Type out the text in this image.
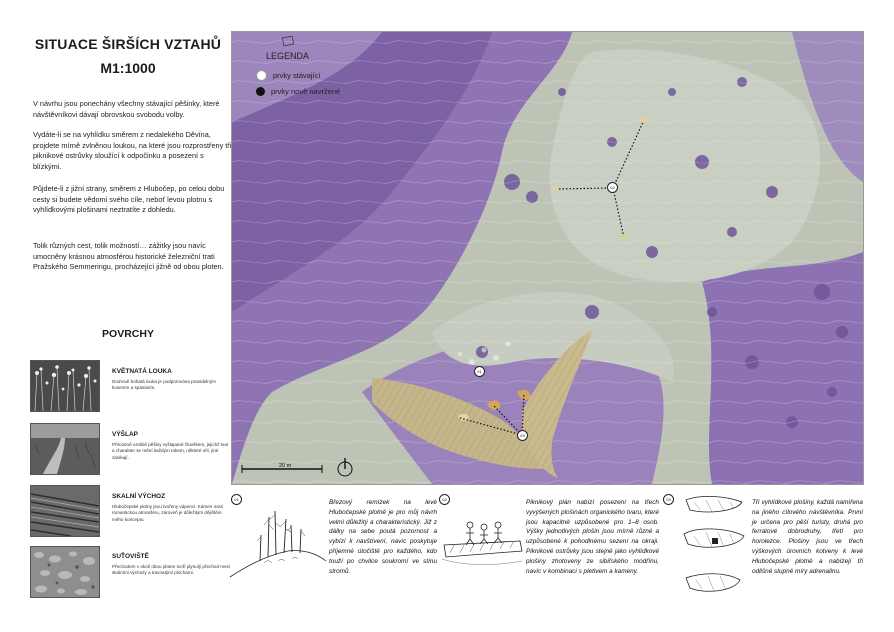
SITUACE ŠIRŠÍCH VZTAHŮ
M1:1000
V návrhu jsou ponechány všechny stávající pěšinky, které návštěvníkovi dávají obrovskou svobodu volby.
Vydáte-li se na vyhlídku směrem z nedalekého Děvína, projdete mírně zvlněnou loukou, na které jsou rozprostřeny tři piknikové ostrůvky sloužící k odpočinku a posezení s blízkými.
Půjdete-li z jižní strany, směrem z Hlubočep, po celou dobu cesty si budete vědomi svého cíle, neboť levou plotnu s vyhlídkovými plošinami neztratíte z dohledu.
Tolik různých cest, tolik možností… zážitky jsou navíc umocněny krásnou atmosférou historické železniční trati Pražského Semmeringu, procházející jižně od obou ploten.
POVRCHY
KVĚTNATÁ LOUKA
Druhově bohatá louka je podporována pravidelným kosením a spásáním.
VÝŠLAP
Přirozeně vzniklé pěšiny vyšlapané člověkem, jejichž tvar a charakter se mění každým rokem, některé sílí, jiné zanikají.
SKALNÍ VÝCHOZ
Hlubočepské plotny jsou tvořeny vápenci. Kámen mezi romantickou atmosféru, zároveň je důležitým dějištěm mého konceptu.
SUŤOVIŠTĚ
Přechodem v okolí obou ploten tvoří plynulý přechod mezi skalními výchozy a travnatými plochami.
LEGENDA
prvky stávající
prvky nově navržené
20 m
01
02
03
01	Březový remízek na levé Hlubočepské plotně je pro můj návrh velmi důležitý a charakteristický. Již z dálky na sebe poutá pozornost a vybízí k navštívení, navíc poskytuje příjemné útočiště pro každého, kdo touží po chvilce soukromí ve stínu stromů.
02	Piknikový plán nabízí posezení na třech vyvýšených plošinách organického tvaru, které jsou kapacitně uzpůsobené pro 1–8 osob. Výšky jednotlivých plošin jsou mírně různé a uzpůsobené k pohodlnému sezení na okraji. Piknikové ostrůvky jsou stejně jako vyhlídkové plošiny zhotoveny ze sibiřského modřínu, navíc v kombinaci s pletivem a kameny.
03	Tři vyhlídkové plošiny, každá namířena na jiného cílového návštěvníka. První je určena pro pěší turisty, druhá pro ferratové dobrodruhy, třetí pro horolezce. Plošiny jsou ve třech výškových úrovních kotveny k levé Hlubočepské plotně a nabízejí tři odlišné stupně míry adrenalinu.
